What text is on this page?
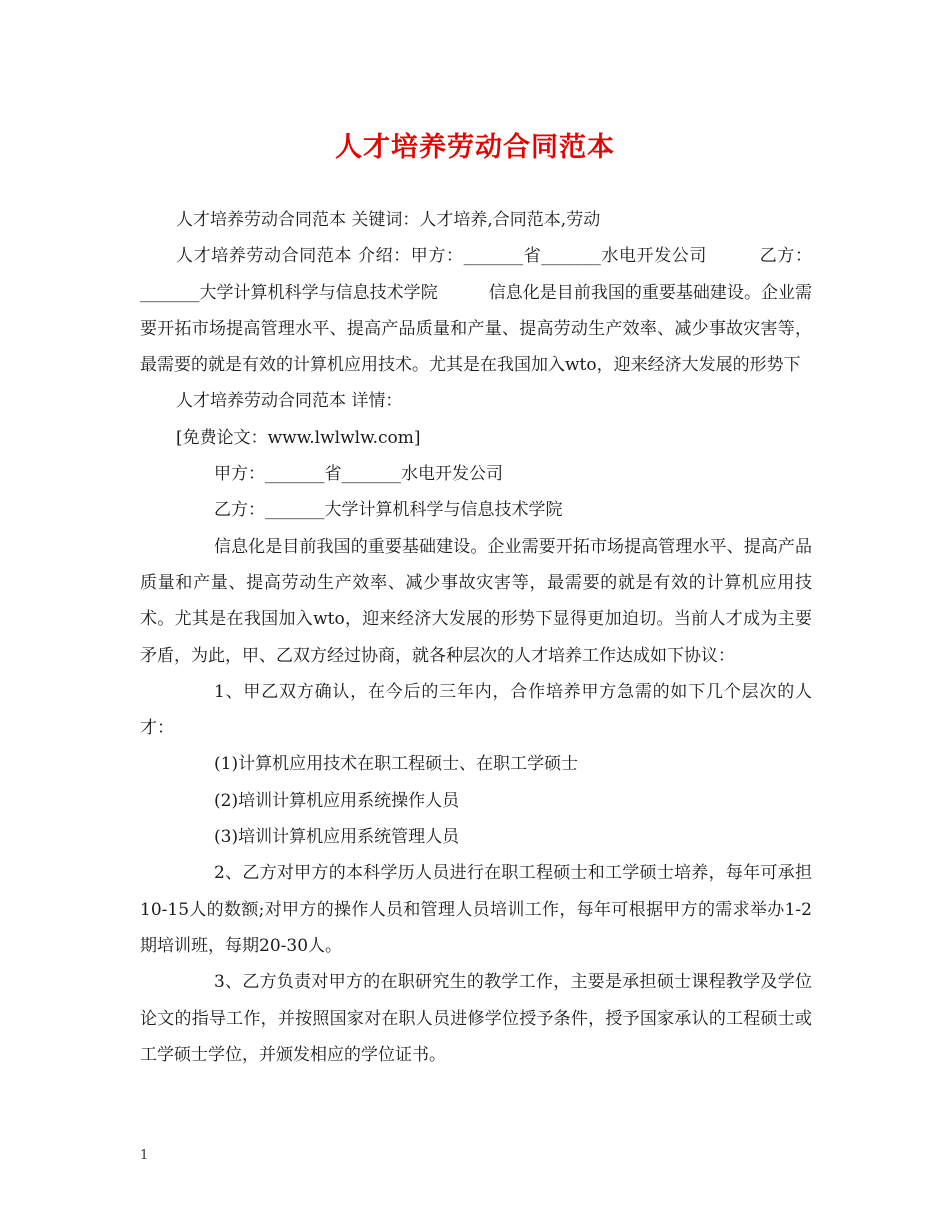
人才培养劳动合同范本

人才培养劳动合同范本 关键词：人才培养,合同范本,劳动

人才培养劳动合同范本 介绍：甲方：_______省_______水电开发公司　　　乙方：_______大学计算机科学与信息技术学院　　　信息化是目前我国的重要基础建设。企业需要开拓市场提高管理水平、提高产品质量和产量、提高劳动生产效率、减少事故灾害等，最需要的就是有效的计算机应用技术。尤其是在我国加入wto，迎来经济大发展的形势下

人才培养劳动合同范本 详情：

[免费论文：www.lwlwlw.com]

甲方：_______省_______水电开发公司

乙方：_______大学计算机科学与信息技术学院

信息化是目前我国的重要基础建设。企业需要开拓市场提高管理水平、提高产品质量和产量、提高劳动生产效率、减少事故灾害等，最需要的就是有效的计算机应用技术。尤其是在我国加入wto，迎来经济大发展的形势下显得更加迫切。当前人才成为主要矛盾，为此，甲、乙双方经过协商，就各种层次的人才培养工作达成如下协议：

1、甲乙双方确认，在今后的三年内，合作培养甲方急需的如下几个层次的人才：

(1)计算机应用技术在职工程硕士、在职工学硕士

(2)培训计算机应用系统操作人员

(3)培训计算机应用系统管理人员

2、乙方对甲方的本科学历人员进行在职工程硕士和工学硕士培养，每年可承担10-15人的数额;对甲方的操作人员和管理人员培训工作，每年可根据甲方的需求举办1-2期培训班，每期20-30人。

3、乙方负责对甲方的在职研究生的教学工作，主要是承担硕士课程教学及学位论文的指导工作，并按照国家对在职人员进修学位授予条件，授予国家承认的工程硕士或工学硕士学位，并颁发相应的学位证书。

1
